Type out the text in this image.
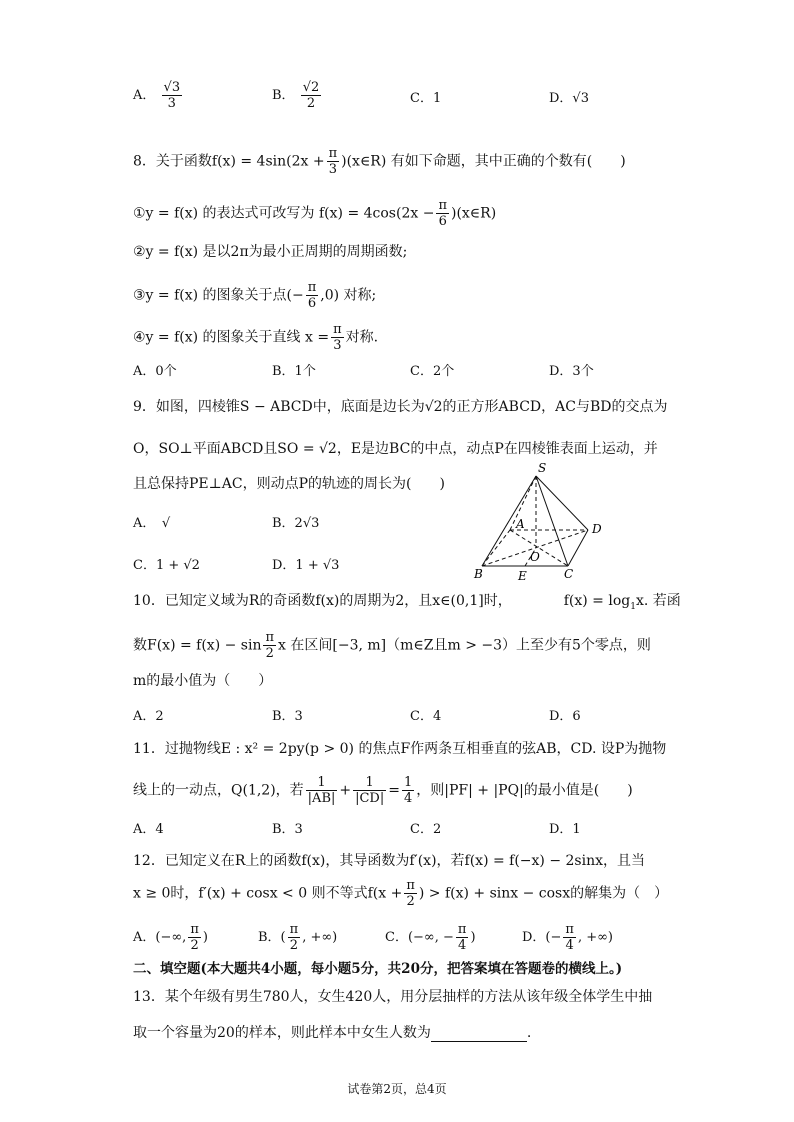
A． $\frac{√3}{3}$	B． $\frac{√2}{2}$	C．1	D．√3
8．关于函数$f(x) = 4\sin(2x + \frac{\pi}{3}$ )(x∈R) 有如下命题，其中正确的个数有(　　)
①y = f(x) 的表达式可改写为 $f(x) = 4\cos(2x - \frac{\pi}{6}$ )(x∈R)
②y = f(x) 是以2π为最小正周期的周期函数;
③y = f(x) 的图象关于点(− $\frac{\pi}{6} ,0$) 对称;
④y = f(x) 的图象关于直线 $x = \frac{\pi}{3}$ 对称.
A．0个	B．1个	C．2个	D．3个
9．如图，四棱锥S − ABCD中，底面是边长为√2的正方形ABCD，AC与BD的交点为
O，SO⊥平面ABCD且SO = √2，E是边BC的中点，动点P在四棱锥表面上运动，并
且总保持PE⊥AC，则动点P的轨迹的周长为(　　)
A．　√	B．2√3
C．1 + √2	D．1 + √3
S
A	D
O
B	E	C
10．已知定义域为R的奇函数f(x)的周期为2，且x∈(0,1]时，	$f(x) = \log_1x$. 若函
数$F(x) = f(x) - \sin \frac{\pi}{2}$ x 在区间[−3, m]（m∈Z且m > −3）上至少有5个零点，则
m的最小值为（　　）
A．2	B．3	C．4	D．6
11．过抛物线E : x² = 2py(p > 0) 的焦点F作两条互相垂直的弦AB，CD. 设P为抛物
线上的一动点，Q(1,2)，若 $\frac{1}{|AB|} + \frac{1}{|CD|} = \frac{1}{4}$ ，则|PF| + |PQ|的最小值是(　　)
A．4	B．3	C．2	D．1
12．已知定义在R上的函数f(x)，其导函数为f′(x)，若f(x) = f(−x) − 2sinx，且当
x ≥ 0时，f′(x) + cosx < 0 则不等式$f(x + \frac{\pi}{2}$ ) > f(x) + sinx − cosx的解集为（　）
A．(−∞, $\frac{\pi}{2}$ )	B．( $\frac{\pi}{2}$ , +∞)	C．(−∞, − $\frac{\pi}{4}$ )	D．(− $\frac{\pi}{4}$ , +∞)
二、填空题(本大题共4小题，每小题5分，共20分，把答案填在答题卷的横线上。)
13．某个年级有男生780人，女生420人，用分层抽样的方法从该年级全体学生中抽
取一个容量为20的样本，则此样本中女生人数为	.
试卷第2页，总4页
